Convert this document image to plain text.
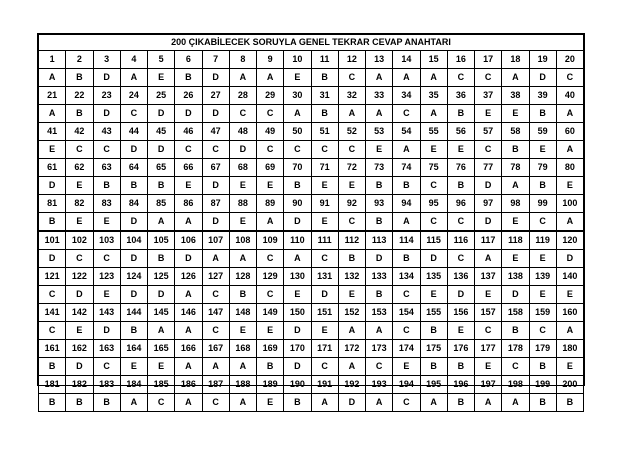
200 ÇIKABİLECEK SORUYLA GENEL TEKRAR CEVAP ANAHTARI																			
1	2	3	4	5	6	7	8	9	10	11	12	13	14	15	16	17	18	19	20
A	B	D	A	E	B	D	A	A	E	B	C	A	A	A	C	C	A	D	C
21	22	23	24	25	26	27	28	29	30	31	32	33	34	35	36	37	38	39	40
A	B	D	C	D	D	D	C	C	A	B	A	A	C	A	B	E	E	B	A
41	42	43	44	45	46	47	48	49	50	51	52	53	54	55	56	57	58	59	60
E	C	C	D	D	C	C	D	C	C	C	C	E	A	E	E	C	B	E	A
61	62	63	64	65	66	67	68	69	70	71	72	73	74	75	76	77	78	79	80
D	E	B	B	B	E	D	E	E	B	E	E	B	B	C	B	D	A	B	E
81	82	83	84	85	86	87	88	89	90	91	92	93	94	95	96	97	98	99	100
B	E	E	D	A	A	D	E	A	D	E	C	B	A	C	C	D	E	C	A
101	102	103	104	105	106	107	108	109	110	111	112	113	114	115	116	117	118	119	120
D	C	C	D	B	D	A	A	C	A	C	B	D	B	D	C	A	E	E	D
121	122	123	124	125	126	127	128	129	130	131	132	133	134	135	136	137	138	139	140
C	D	E	D	D	A	C	B	C	E	D	E	B	C	E	D	E	D	E	E
141	142	143	144	145	146	147	148	149	150	151	152	153	154	155	156	157	158	159	160
C	E	D	B	A	A	C	E	E	D	E	A	A	C	B	E	C	B	C	A
161	162	163	164	165	166	167	168	169	170	171	172	173	174	175	176	177	178	179	180
B	D	C	E	E	A	A	A	B	D	C	A	C	E	B	B	E	C	B	E
181	182	183	184	185	186	187	188	189	190	191	192	193	194	195	196	197	198	199	200
B	B	B	A	C	A	C	A	E	B	A	D	A	C	A	B	A	A	B	B
